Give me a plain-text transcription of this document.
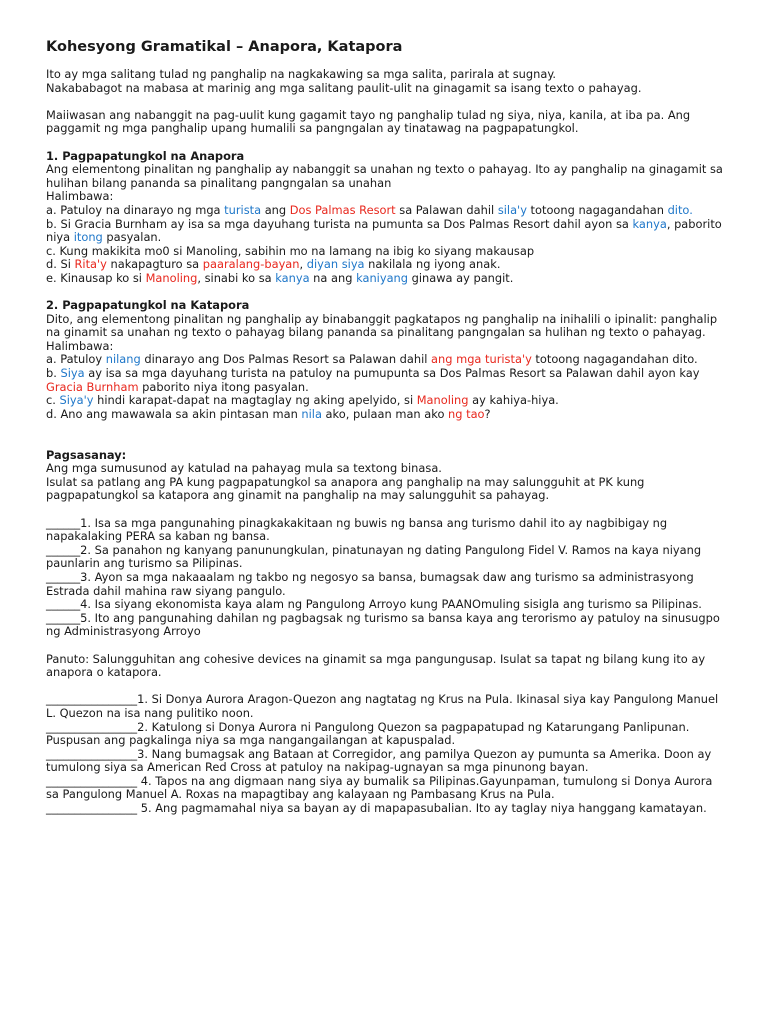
Kohesyong Gramatikal – Anapora, Katapora
Ito ay mga salitang tulad ng panghalip na nagkakawing sa mga salita, parirala at sugnay.
Nakababagot na mabasa at marinig ang mga salitang paulit-ulit na ginagamit sa isang texto o pahayag.
Maiiwasan ang nabanggit na pag-uulit kung gagamit tayo ng panghalip tulad ng siya, niya, kanila, at iba pa. Ang paggamit ng mga panghalip upang humalili sa pangngalan ay tinatawag na pagpapatungkol.
1. Pagpapatungkol na Anapora
Ang elementong pinalitan ng panghalip ay nabanggit sa unahan ng texto o pahayag. Ito ay panghalip na ginagamit sa hulihan bilang pananda sa pinalitang pangngalan sa unahan
Halimbawa:
a. Patuloy na dinarayo ng mga turista ang Dos Palmas Resort sa Palawan dahil sila'y totoong nagagandahan dito.
b. Si Gracia Burnham ay isa sa mga dayuhang turista na pumunta sa Dos Palmas Resort dahil ayon sa kanya, paborito niya itong pasyalan.
c. Kung makikita mo0 si Manoling, sabihin mo na lamang na ibig ko siyang makausap
d. Si Rita'y nakapagturo sa paaralang-bayan, diyan siya nakilala ng iyong anak.
e. Kinausap ko si Manoling, sinabi ko sa kanya na ang kaniyang ginawa ay pangit.
2. Pagpapatungkol na Katapora
Dito, ang elementong pinalitan ng panghalip ay binabanggit pagkatapos ng panghalip na inihalili o ipinalit: panghalip na ginamit sa unahan ng texto o pahayag bilang pananda sa pinalitang pangngalan sa hulihan ng texto o pahayag.
Halimbawa:
a. Patuloy nilang dinarayo ang Dos Palmas Resort sa Palawan dahil ang mga turista'y totoong nagagandahan dito.
b. Siya ay isa sa mga dayuhang turista na patuloy na pumupunta sa Dos Palmas Resort sa Palawan dahil ayon kay Gracia Burnham paborito niya itong pasyalan.
c. Siya'y hindi karapat-dapat na magtaglay ng aking apelyido, si Manoling ay kahiya-hiya.
d. Ano ang mawawala sa akin pintasan man nila ako, pulaan man ako ng tao?
Pagsasanay:
Ang mga sumusunod ay katulad na pahayag mula sa textong binasa.
Isulat sa patlang ang PA kung pagpapatungkol sa anapora ang panghalip na may salungguhit at PK kung pagpapatungkol sa katapora ang ginamit na panghalip na may salungguhit sa pahayag.
______1. Isa sa mga pangunahing pinagkakakitaan ng buwis ng bansa ang turismo dahil ito ay nagbibigay ng napakalaking PERA sa kaban ng bansa.
______2. Sa panahon ng kanyang panunungkulan, pinatunayan ng dating Pangulong Fidel V. Ramos na kaya niyang paunlarin ang turismo sa Pilipinas.
______3. Ayon sa mga nakaaalam ng takbo ng negosyo sa bansa, bumagsak daw ang turismo sa administrasyong Estrada dahil mahina raw siyang pangulo.
______4. Isa siyang ekonomista kaya alam ng Pangulong Arroyo kung PAANOmuling sisigla ang turismo sa Pilipinas.
______5. Ito ang pangunahing dahilan ng pagbagsak ng turismo sa bansa kaya ang terorismo ay patuloy na sinusugpo ng Administrasyong Arroyo
Panuto: Salungguhitan ang cohesive devices na ginamit sa mga pangungusap. Isulat sa tapat ng bilang kung ito ay anapora o katapora.
________________1. Si Donya Aurora Aragon-Quezon ang nagtatag ng Krus na Pula. Ikinasal siya kay Pangulong Manuel L. Quezon na isa nang pulitiko noon.
________________2. Katulong si Donya Aurora ni Pangulong Quezon sa pagpapatupad ng Katarungang Panlipunan. Puspusan ang pagkalinga niya sa mga nangangailangan at kapuspalad.
________________3. Nang bumagsak ang Bataan at Corregidor, ang pamilya Quezon ay pumunta sa Amerika. Doon ay tumulong siya sa American Red Cross at patuloy na nakipag-ugnayan sa mga pinunong bayan.
________________ 4. Tapos na ang digmaan nang siya ay bumalik sa Pilipinas.Gayunpaman, tumulong si Donya Aurora sa Pangulong Manuel A. Roxas na mapagtibay ang kalayaan ng Pambasang Krus na Pula.
________________ 5. Ang pagmamahal niya sa bayan ay di mapapasubalian. Ito ay taglay niya hanggang kamatayan.
